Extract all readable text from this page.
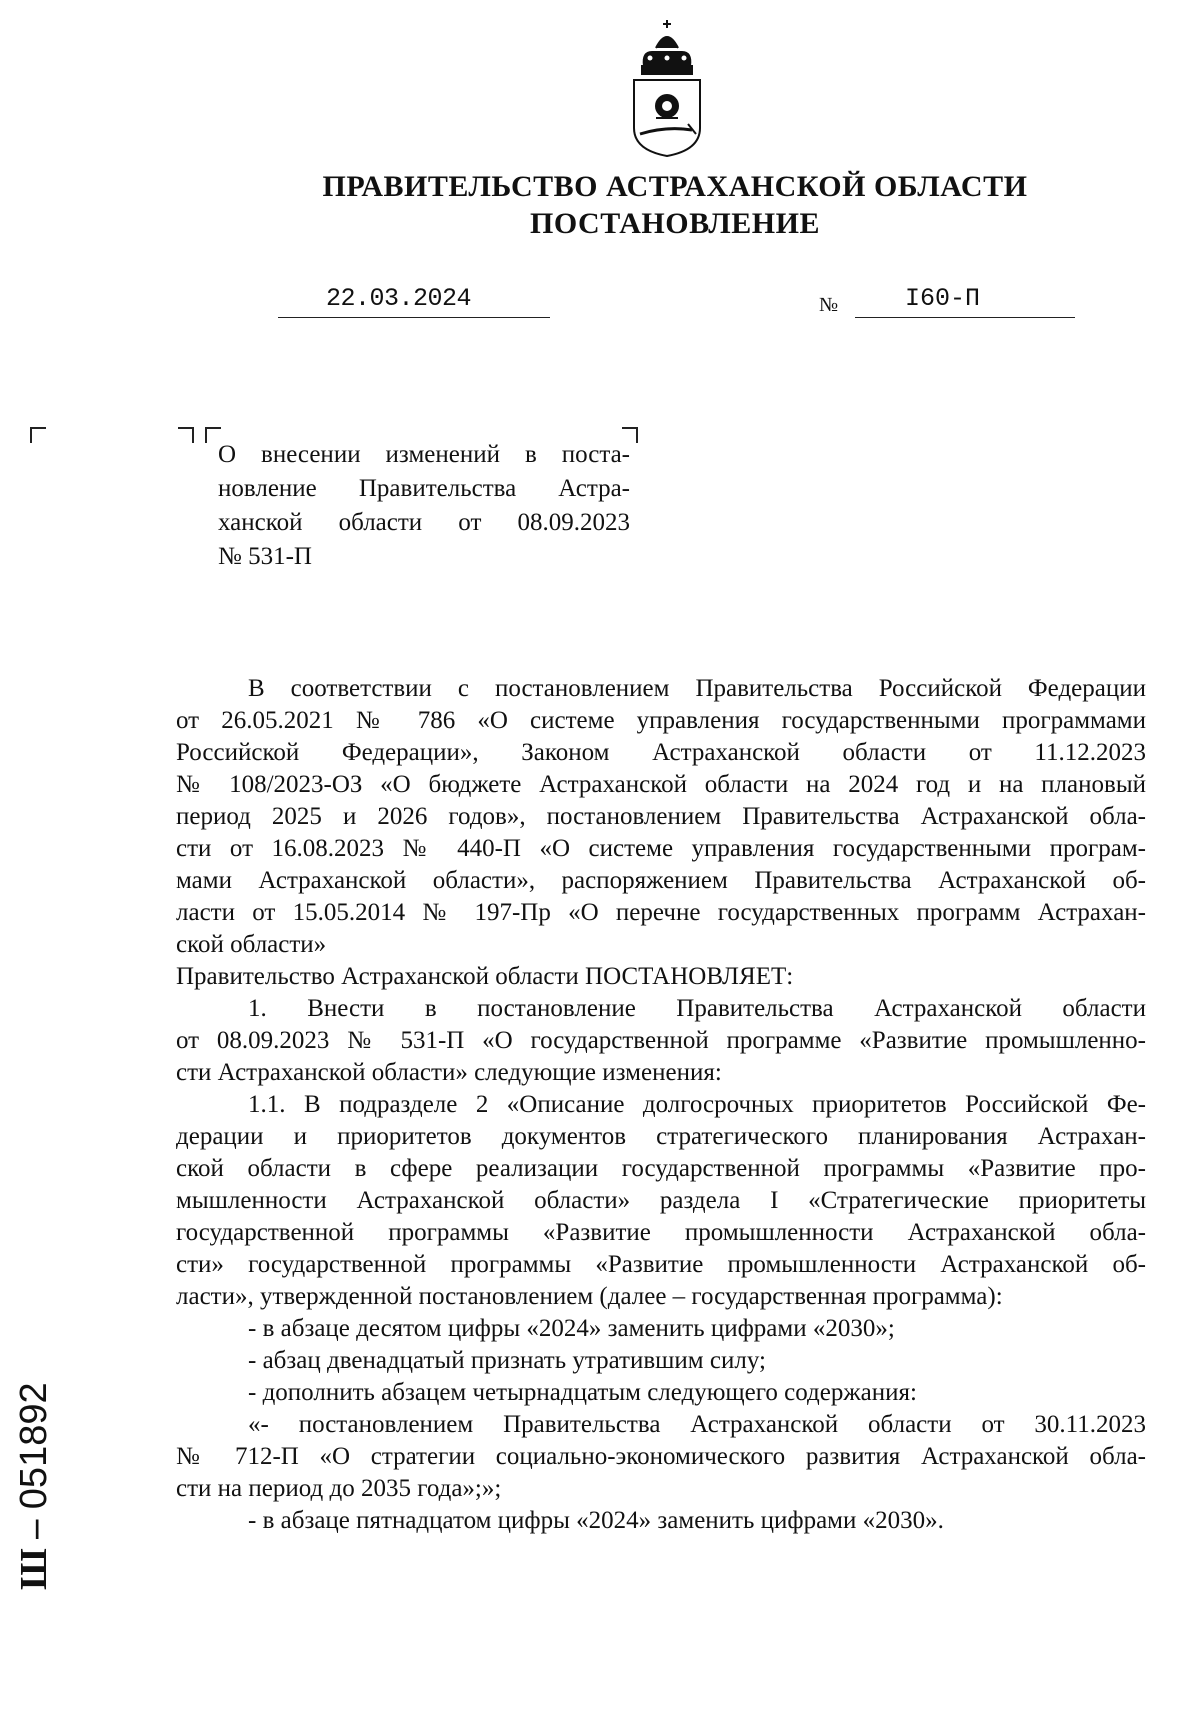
ПРАВИТЕЛЬСТВО АСТРАХАНСКОЙ ОБЛАСТИ
ПОСТАНОВЛЕНИЕ
22.03.2024	№	I60-П
О внесении изменений в поста-
новление Правительства Астра-
ханской области от 08.09.2023
№ 531-П
В соответствии с постановлением Правительства Российской Федерации
от 26.05.2021 № 786 «О системе управления государственными программами
Российской Федерации», Законом Астраханской области от 11.12.2023
№ 108/2023-ОЗ «О бюджете Астраханской области на 2024 год и на плановый
период 2025 и 2026 годов», постановлением Правительства Астраханской обла-
сти от 16.08.2023 № 440-П «О системе управления государственными програм-
мами Астраханской области», распоряжением Правительства Астраханской об-
ласти от 15.05.2014 № 197-Пр «О перечне государственных программ Астрахан-
ской области»
Правительство Астраханской области ПОСТАНОВЛЯЕТ:
1. Внести в постановление Правительства Астраханской области
от 08.09.2023 № 531-П «О государственной программе «Развитие промышленно-
сти Астраханской области» следующие изменения:
1.1. В подразделе 2 «Описание долгосрочных приоритетов Российской Фе-
дерации и приоритетов документов стратегического планирования Астрахан-
ской области в сфере реализации государственной программы «Развитие про-
мышленности Астраханской области» раздела I «Стратегические приоритеты
государственной программы «Развитие промышленности Астраханской обла-
сти» государственной программы «Развитие промышленности Астраханской об-
ласти», утвержденной постановлением (далее – государственная программа):
- в абзаце десятом цифры «2024» заменить цифрами «2030»;
- абзац двенадцатый признать утратившим силу;
- дополнить абзацем четырнадцатым следующего содержания:
«- постановлением Правительства Астраханской области от 30.11.2023
№ 712-П «О стратегии социально-экономического развития Астраханской обла-
сти на период до 2035 года»;»;
- в абзаце пятнадцатом цифры «2024» заменить цифрами «2030».
Ш – 051892
